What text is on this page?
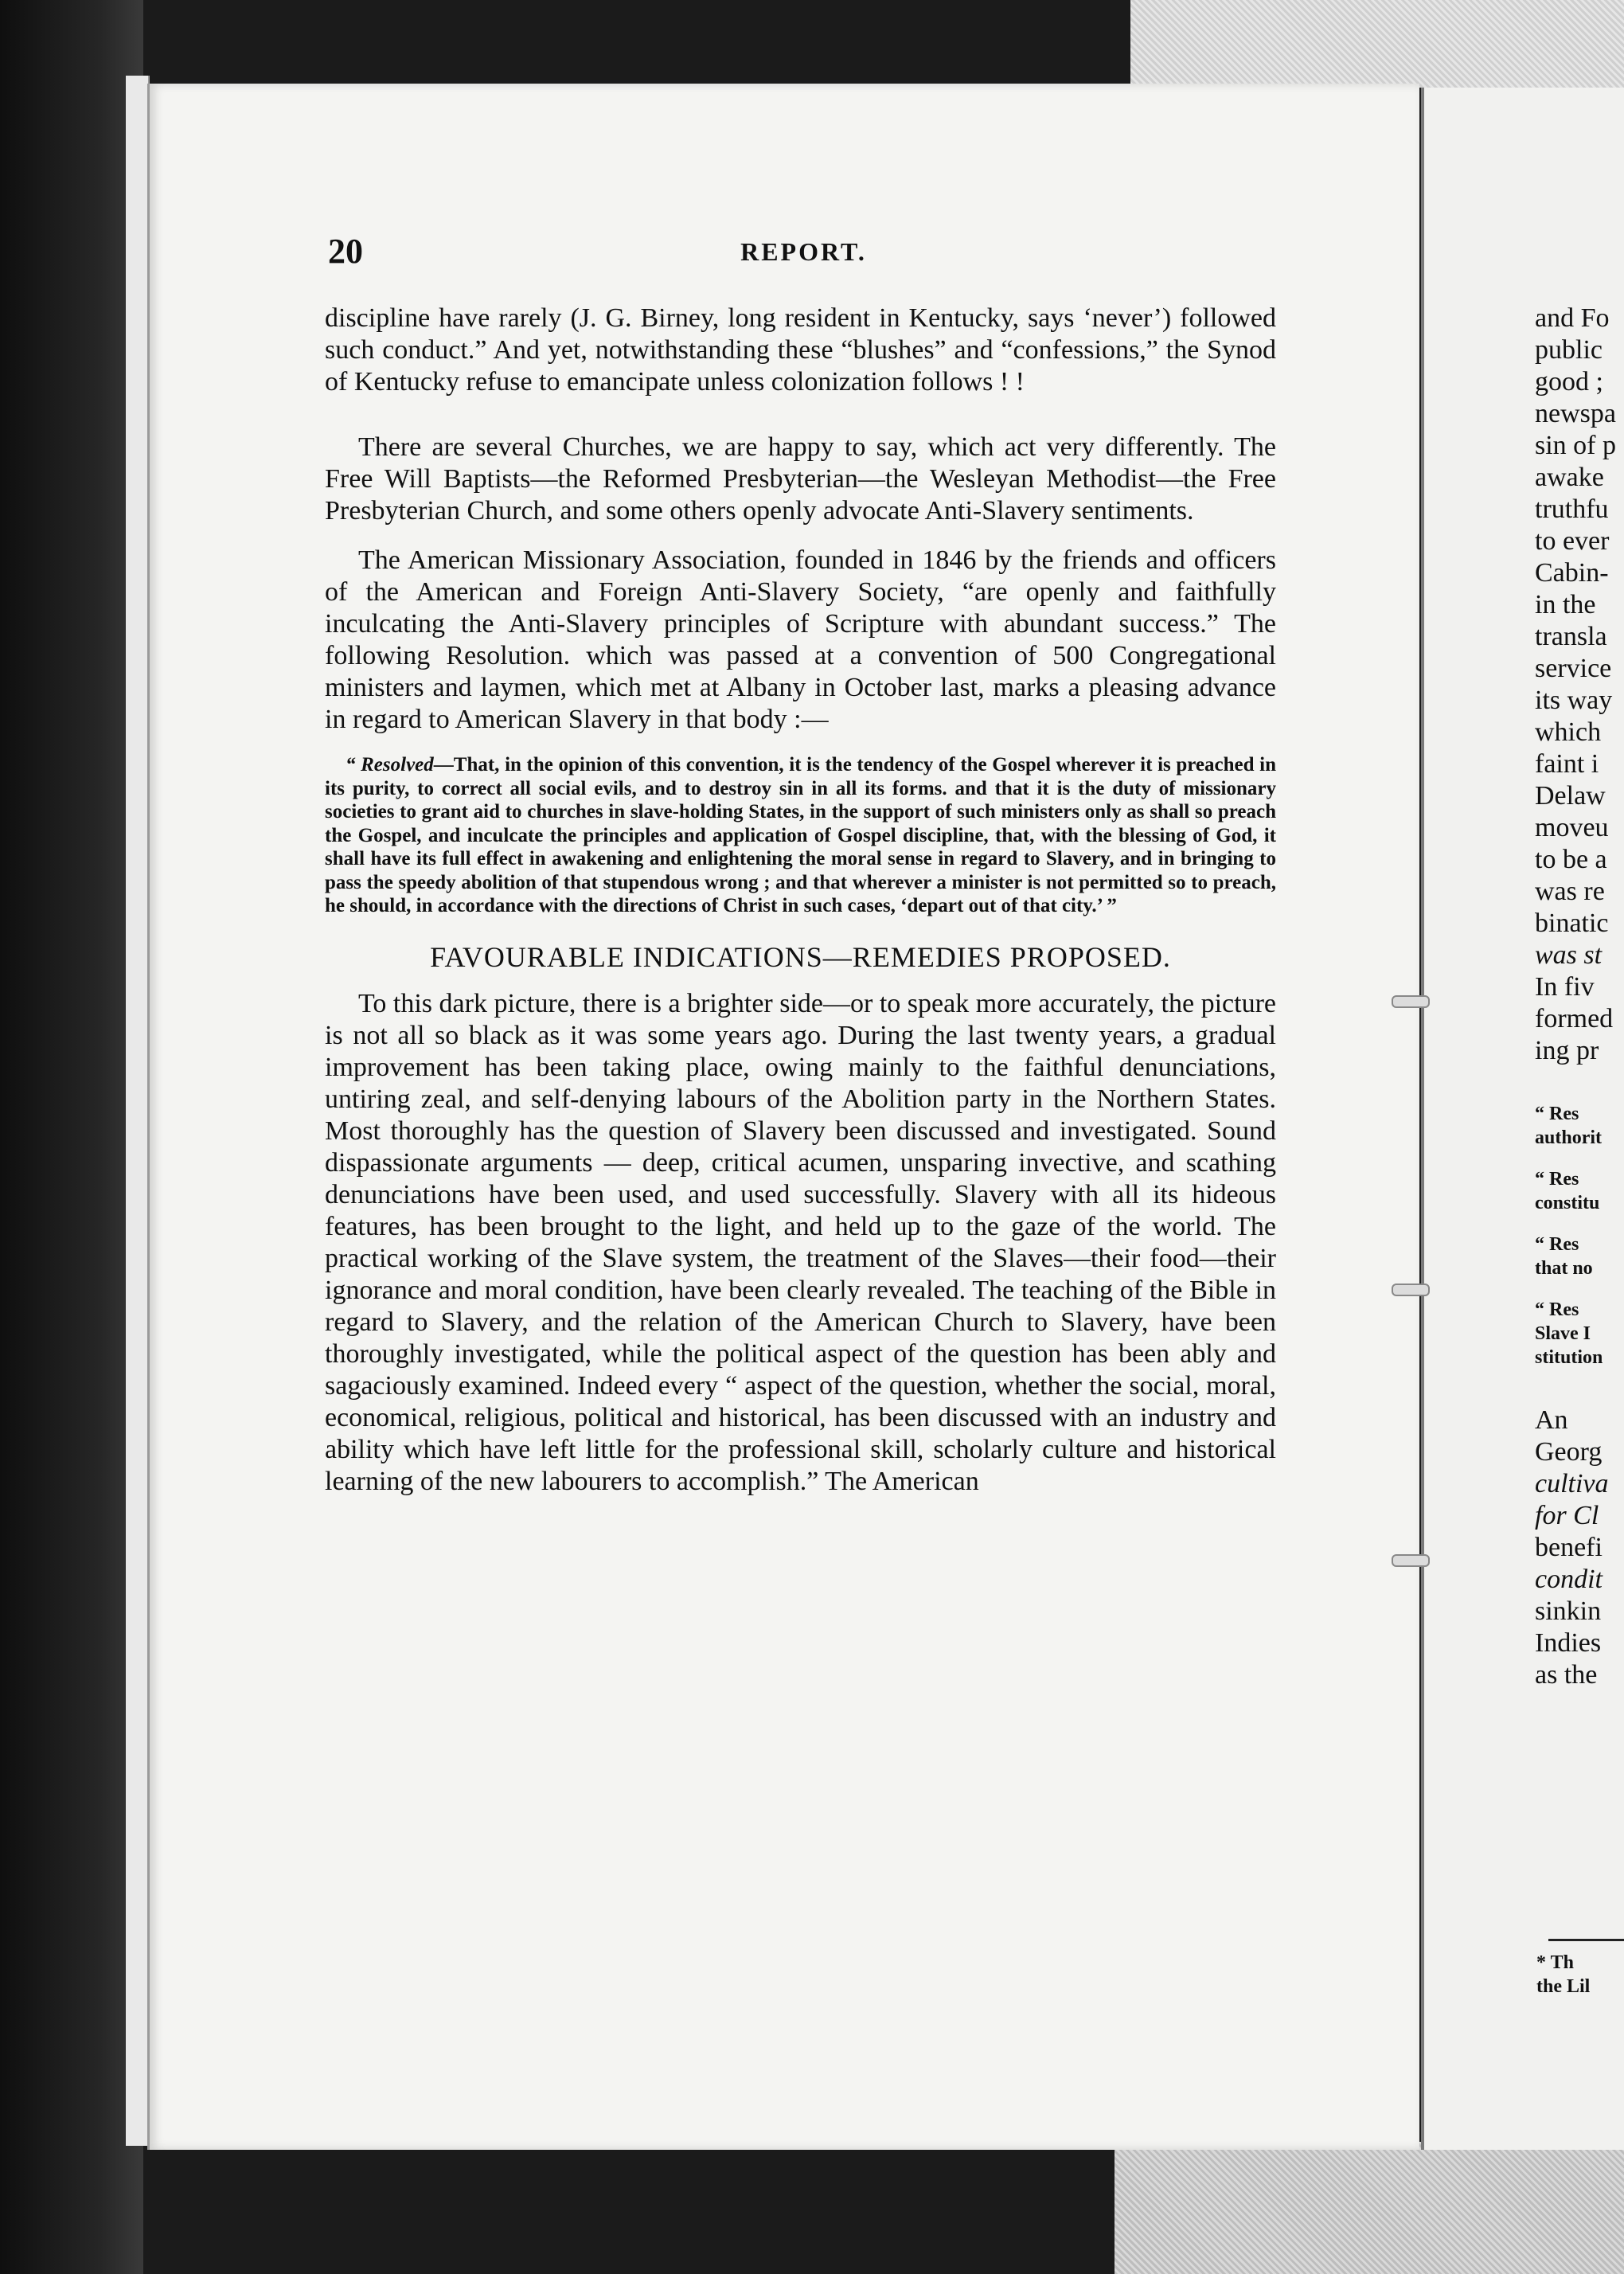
20	REPORT.

discipline have rarely (J. G. Birney, long resident in Kentucky, says ‘never’) followed such conduct.” And yet, notwithstanding these “blushes” and “confessions,” the Synod of Kentucky refuse to emancipate unless colonization follows ! !

There are several Churches, we are happy to say, which act very differently. The Free Will Baptists—the Reformed Presbyterian—the Wesleyan Methodist—the Free Presbyterian Church, and some others openly advocate Anti-Slavery sentiments.

The American Missionary Association, founded in 1846 by the friends and officers of the American and Foreign Anti-Slavery Society, “are openly and faithfully inculcating the Anti-Slavery principles of Scripture with abundant success.” The following Resolution. which was passed at a convention of 500 Congregational ministers and laymen, which met at Albany in October last, marks a pleasing advance in regard to American Slavery in that body :—

“ Resolved—That, in the opinion of this convention, it is the tendency of the Gospel wherever it is preached in its purity, to correct all social evils, and to destroy sin in all its forms. and that it is the duty of missionary societies to grant aid to churches in slave-holding States, in the support of such ministers only as shall so preach the Gospel, and inculcate the principles and application of Gospel discipline, that, with the blessing of God, it shall have its full effect in awakening and enlightening the moral sense in regard to Slavery, and in bringing to pass the speedy abolition of that stupendous wrong ; and that wherever a minister is not permitted so to preach, he should, in accordance with the directions of Christ in such cases, ‘depart out of that city.’ ”

FAVOURABLE INDICATIONS—REMEDIES PROPOSED.

To this dark picture, there is a brighter side—or to speak more accurately, the picture is not all so black as it was some years ago. During the last twenty years, a gradual improvement has been taking place, owing mainly to the faithful denunciations, untiring zeal, and self-denying labours of the Abolition party in the Northern States. Most thoroughly has the question of Slavery been discussed and investigated. Sound dispassionate arguments — deep, critical acumen, unsparing invective, and scathing denunciations have been used, and used successfully. Slavery with all its hideous features, has been brought to the light, and held up to the gaze of the world. The practical working of the Slave system, the treatment of the Slaves—their food—their ignorance and moral condition, have been clearly revealed. The teaching of the Bible in regard to Slavery, and the relation of the American Church to Slavery, have been thoroughly investigated, while the political aspect of the question has been ably and sagaciously examined. Indeed every “ aspect of the question, whether the social, moral, economical, religious, political and historical, has been discussed with an industry and ability which have left little for the professional skill, scholarly culture and historical learning of the new labourers to accomplish.” The American

and Fo
public
good ;
newspa
sin of p
awake
truthfu
to ever
Cabin-
in the
transla
service
its way
which
faint i
Delaw
moveu
to be a
was re
binatic
was st
In fiv
formed
ing pr
“ Res
authorit
“ Res
constitu
“ Res
that no
“ Res
Slave I
stitution
An
Georg
cultiva
for Cl
benefi
condit
sinkin
Indies
as the
* Th
the Lil
